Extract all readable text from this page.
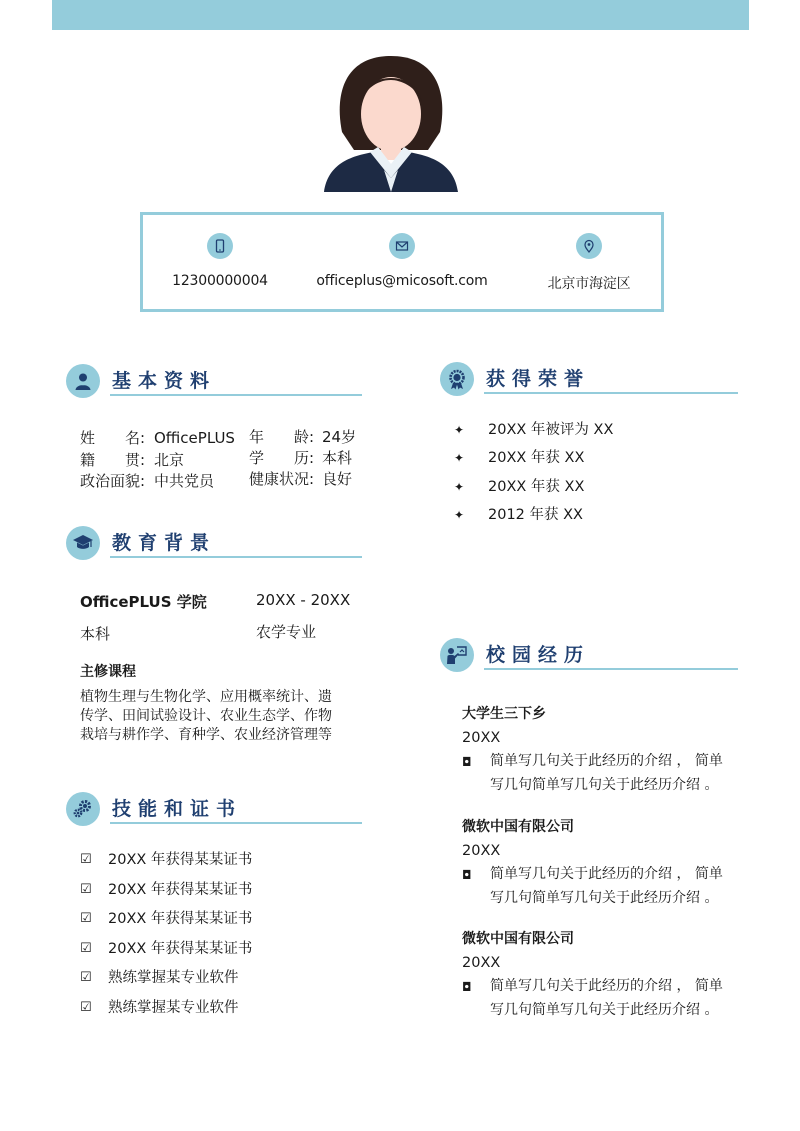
12300000004	officeplus@micosoft.com	北京市海淀区
基本资料
姓　　名: OfficePLUS 年　　龄: 24岁
籍　　贯: 北京	学　　历: 本科
政治面貌: 中共党员 健康状况: 良好
教育背景
OfficePLUS 学院	20XX - 20XX
本科	农学专业
主修课程
植物生理与生物化学、应用概率统计、遗传学、田间试验设计、农业生态学、作物栽培与耕作学、育种学、农业经济管理等
技能和证书
☑ 20XX 年获得某某证书
☑ 20XX 年获得某某证书
☑ 20XX 年获得某某证书
☑ 20XX 年获得某某证书
☑ 熟练掌握某专业软件
☑ 熟练掌握某专业软件
获得荣誉
✦ 20XX 年被评为 XX
✦ 20XX 年获 XX
✦ 20XX 年获 XX
✦ 2012 年获 XX
校园经历
大学生三下乡
20XX
◘ 简单写几句关于此经历的介绍 ， 简单写几句简单写几句关于此经历介绍 。
微软中国有限公司
20XX
◘ 简单写几句关于此经历的介绍 ， 简单写几句简单写几句关于此经历介绍 。
微软中国有限公司
20XX
◘ 简单写几句关于此经历的介绍 ， 简单写几句简单写几句关于此经历介绍 。
